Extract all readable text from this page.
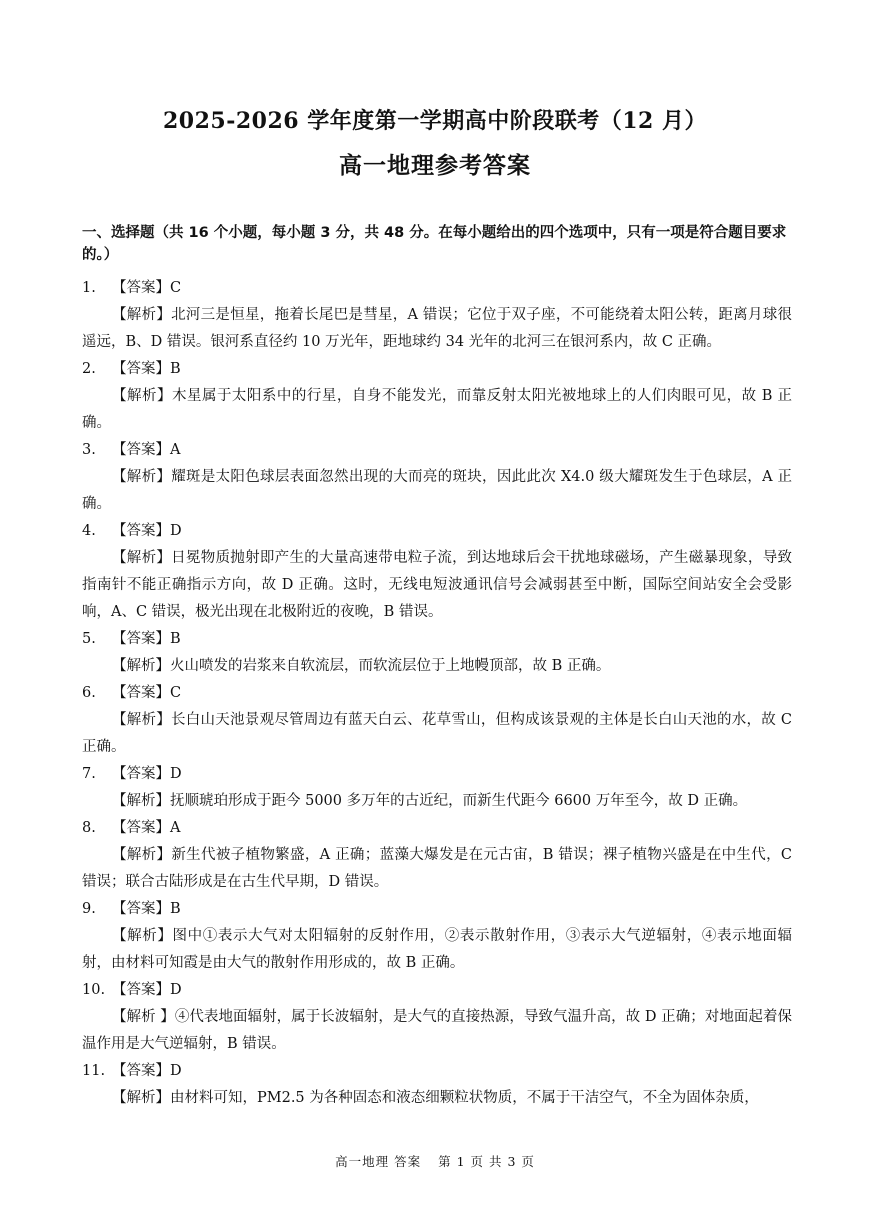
2025-2026 学年度第一学期高中阶段联考（12 月）
高一地理参考答案
一、选择题（共 16 个小题，每小题 3 分，共 48 分。在每小题给出的四个选项中，只有一项是符合题目要求的。）
1.	【答案】C
【解析】北河三是恒星，拖着长尾巴是彗星，A 错误；它位于双子座，不可能绕着太阳公转，距离月球很遥远，B、D 错误。银河系直径约 10 万光年，距地球约 34 光年的北河三在银河系内，故 C 正确。
2.	【答案】B
【解析】木星属于太阳系中的行星，自身不能发光，而靠反射太阳光被地球上的人们肉眼可见，故 B 正确。
3.	【答案】A
【解析】耀斑是太阳色球层表面忽然出现的大而亮的斑块，因此此次 X4.0 级大耀斑发生于色球层，A 正确。
4.	【答案】D
【解析】日冕物质抛射即产生的大量高速带电粒子流，到达地球后会干扰地球磁场，产生磁暴现象，导致指南针不能正确指示方向，故 D 正确。这时，无线电短波通讯信号会减弱甚至中断，国际空间站安全会受影响，A、C 错误，极光出现在北极附近的夜晚，B 错误。
5.	【答案】B
【解析】火山喷发的岩浆来自软流层，而软流层位于上地幔顶部，故 B 正确。
6.	【答案】C
【解析】长白山天池景观尽管周边有蓝天白云、花草雪山，但构成该景观的主体是长白山天池的水，故 C 正确。
7.	【答案】D
【解析】抚顺琥珀形成于距今 5000 多万年的古近纪，而新生代距今 6600 万年至今，故 D 正确。
8.	【答案】A
【解析】新生代被子植物繁盛，A 正确；蓝藻大爆发是在元古宙，B 错误；裸子植物兴盛是在中生代，C 错误；联合古陆形成是在古生代早期，D 错误。
9.	【答案】B
【解析】图中①表示大气对太阳辐射的反射作用，②表示散射作用，③表示大气逆辐射，④表示地面辐射，由材料可知霞是由大气的散射作用形成的，故 B 正确。
10. 【答案】D
【解析 】④代表地面辐射，属于长波辐射，是大气的直接热源，导致气温升高，故 D 正确；对地面起着保温作用是大气逆辐射，B 错误。
11. 【答案】D
【解析】由材料可知，PM2.5 为各种固态和液态细颗粒状物质，不属于干洁空气，不全为固体杂质，
高一地理 答案 第 1 页 共 3 页
